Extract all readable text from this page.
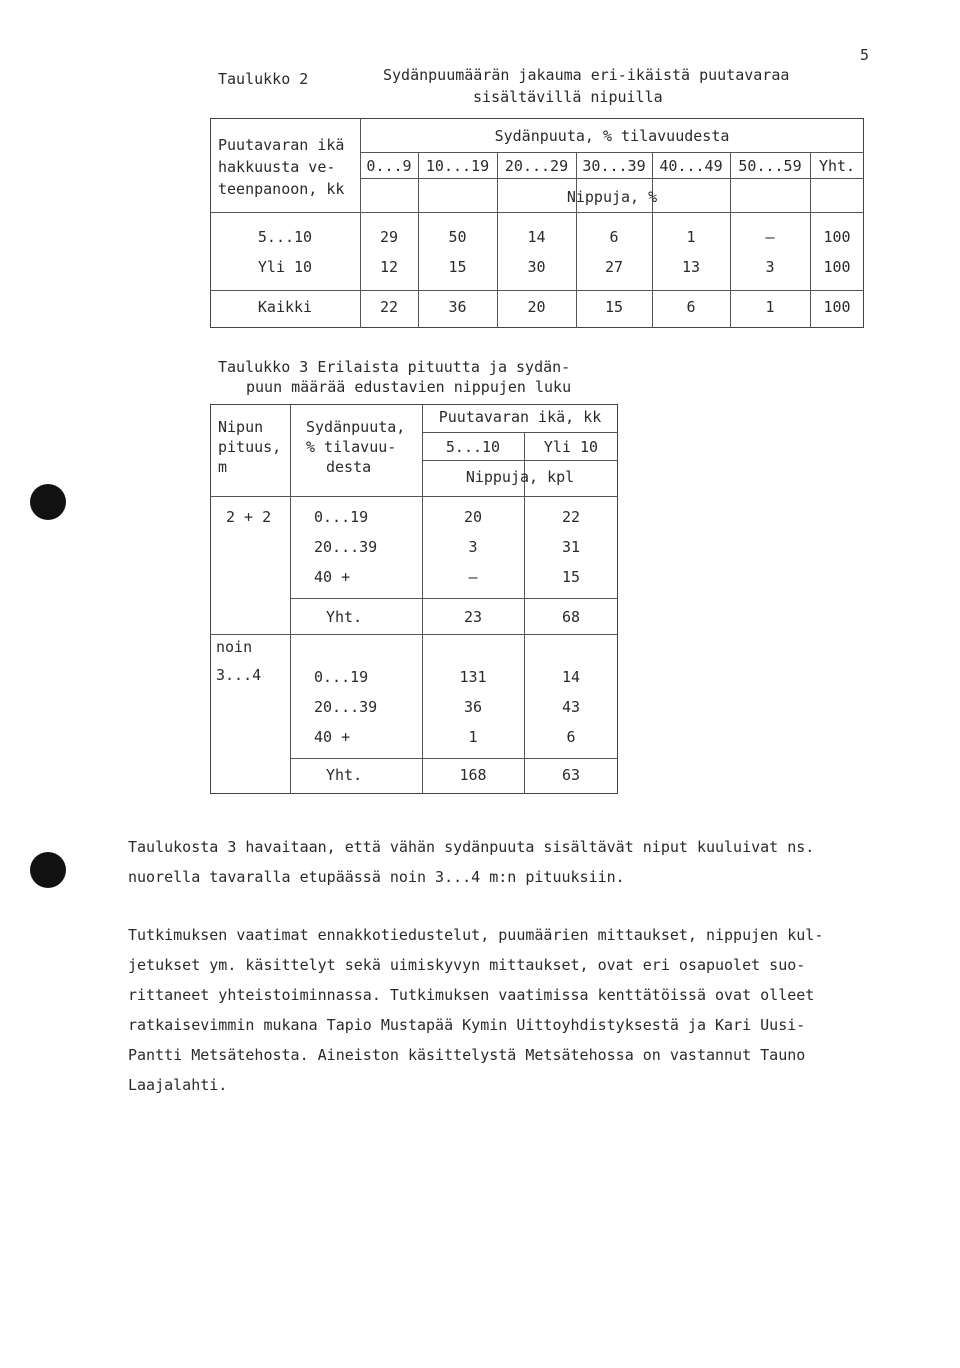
5
Taulukko 2	Sydänpuumäärän jakauma eri-ikäistä puutavaraa
sisältävillä nipuilla
Puutavaran ikä
hakkuusta ve-
teenpanoon, kk
Sydänpuuta, % tilavuudesta
0...9 10...19	20...29 30...39 40...49	50...59	Yht.
Nippuja, %
5...10	29	50	14	6	1	–	100
Yli 10	12	15	30	27	13	3	100
Kaikki	22	36	20	15	6	1	100
Taulukko 3 Erilaista pituutta ja sydän-
puun määrää edustavien nippujen luku
Nipun
pituus,
m
Sydänpuuta,
% tilavuu-
desta
Puutavaran ikä, kk
5...10	Yli 10
Nippuja, kpl
2 + 2	0...19	20	22
20...39	3	31
40 +	–	15
Yht.	23	68
noin
3...4	0...19	131	14
20...39	36	43
40 +	1	6
Yht.	168	63
Taulukosta 3 havaitaan, että vähän sydänpuuta sisältävät niput kuuluivat ns.
nuorella tavaralla etupäässä noin 3...4 m:n pituuksiin.
Tutkimuksen vaatimat ennakkotiedustelut, puumäärien mittaukset, nippujen kul-
jetukset ym. käsittelyt sekä uimiskyvyn mittaukset, ovat eri osapuolet suo-
rittaneet yhteistoiminnassa. Tutkimuksen vaatimissa kenttätöissä ovat olleet
ratkaisevimmin mukana Tapio Mustapää Kymin Uittoyhdistyksestä ja Kari Uusi-
Pantti Metsätehosta. Aineiston käsittelystä Metsätehossa on vastannut Tauno
Laajalahti.
